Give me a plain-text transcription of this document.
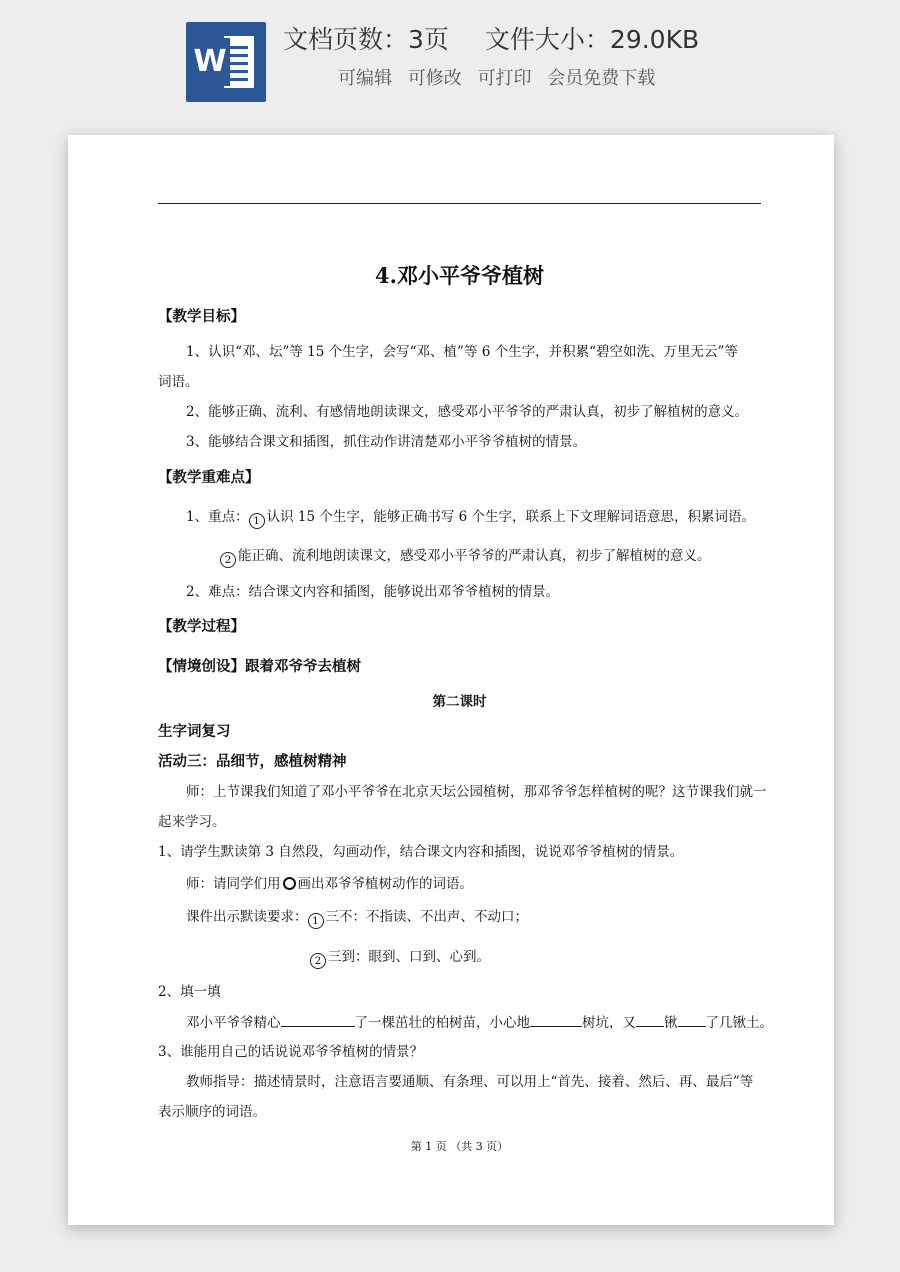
W
文档页数：3页 文件大小：29.0KB
可编辑 可修改 可打印 会员免费下载
4.邓小平爷爷植树
【教学目标】
1、认识“邓、坛”等 15 个生字，会写“邓、植”等 6 个生字，并积累“碧空如洗、万里无云”等
词语。
2、能够正确、流利、有感情地朗读课文，感受邓小平爷爷的严肃认真，初步了解植树的意义。
3、能够结合课文和插图，抓住动作讲清楚邓小平爷爷植树的情景。
【教学重难点】
1、重点： 1 认识 15 个生字，能够正确书写 6 个生字，联系上下文理解词语意思，积累词语。
2 能正确、流利地朗读课文，感受邓小平爷爷的严肃认真，初步了解植树的意义。
2、难点：结合课文内容和插图，能够说出邓爷爷植树的情景。
【教学过程】
【情境创设】跟着邓爷爷去植树
第二课时
生字词复习
活动三：品细节，感植树精神
师：上节课我们知道了邓小平爷爷在北京天坛公园植树，那邓爷爷怎样植树的呢？这节课我们就一
起来学习。
1、请学生默读第 3 自然段，勾画动作，结合课文内容和插图，说说邓爷爷植树的情景。
师：请同学们用 ○ 画出邓爷爷植树动作的词语。
课件出示默读要求： 1 三不：不指读、不出声、不动口；
2 三到：眼到、口到、心到。
2、填一填
邓小平爷爷精心	了一棵茁壮的柏树苗，小心地	树坑，又 锹 了几锹土。
3、谁能用自己的话说说邓爷爷植树的情景？
教师指导：描述情景时，注意语言要通顺、有条理、可以用上“首先、接着、然后、再、最后”等
表示顺序的词语。
第 1 页 （共 3 页）
